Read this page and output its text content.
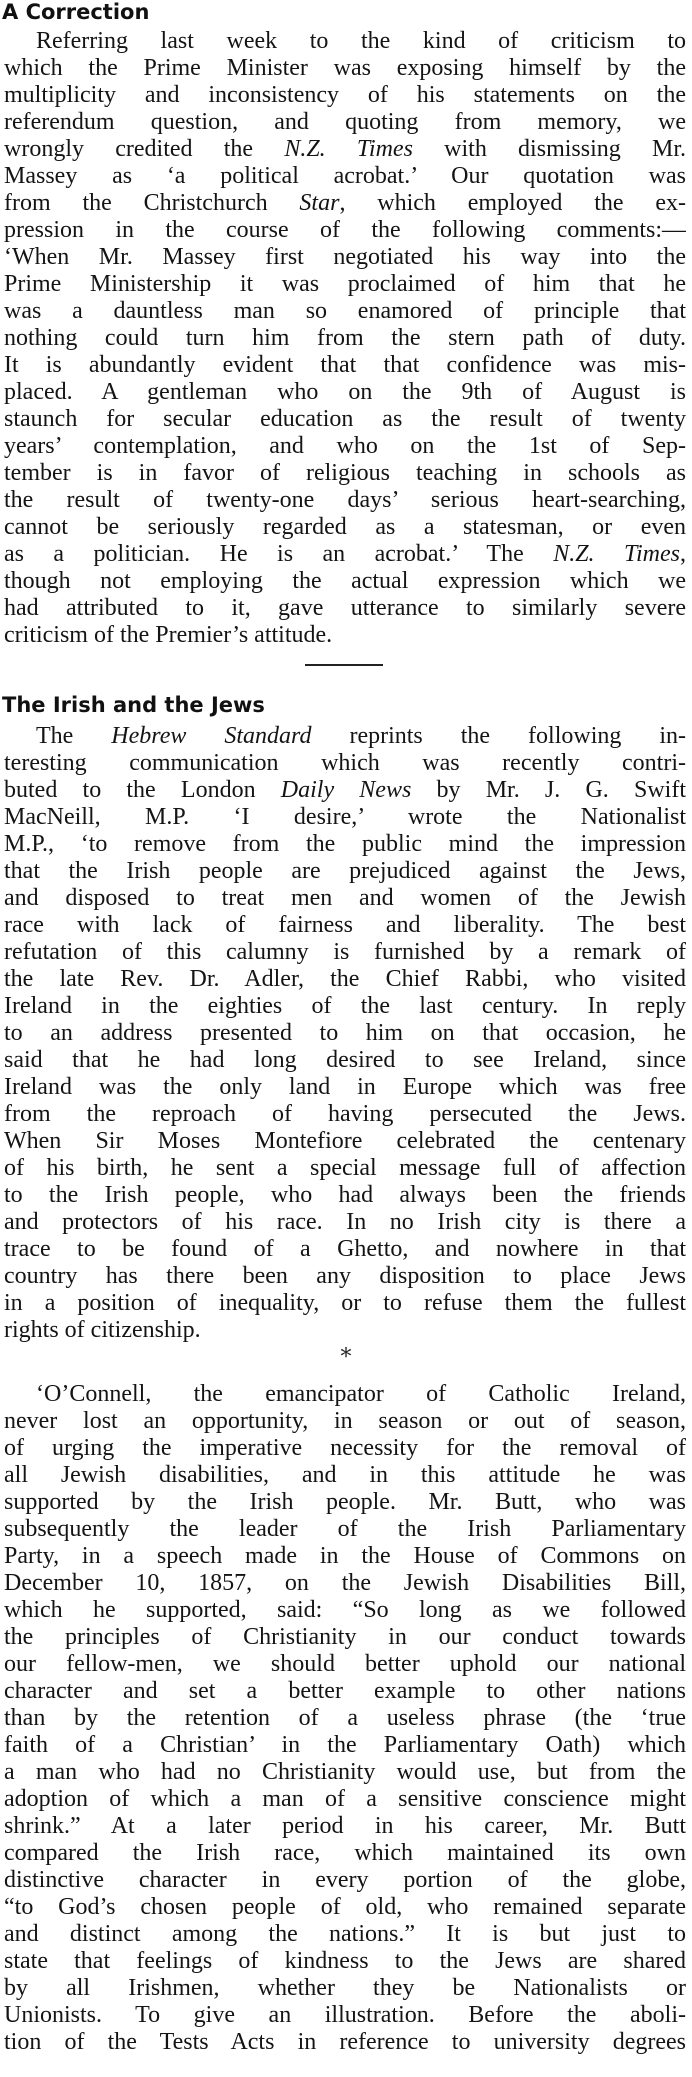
A Correction
Referring last week to the kind of criticism to
which the Prime Minister was exposing himself by the
multiplicity and inconsistency of his statements on the
referendum question, and quoting from memory, we
wrongly credited the N.Z. Times with dismissing Mr.
Massey as ‘a political acrobat.’ Our quotation was
from the Christchurch Star, which employed the ex-
pression in the course of the following comments:—
‘When Mr. Massey first negotiated his way into the
Prime Ministership it was proclaimed of him that he
was a dauntless man so enamored of principle that
nothing could turn him from the stern path of duty.
It is abundantly evident that that confidence was mis-
placed. A gentleman who on the 9th of August is
staunch for secular education as the result of twenty
years’ contemplation, and who on the 1st of Sep-
tember is in favor of religious teaching in schools as
the result of twenty-one days’ serious heart-searching,
cannot be seriously regarded as a statesman, or even
as a politician. He is an acrobat.’ The N.Z. Times,
though not employing the actual expression which we
had attributed to it, gave utterance to similarly severe
criticism of the Premier’s attitude.
The Irish and the Jews
The Hebrew Standard reprints the following in-
teresting communication which was recently contri-
buted to the London Daily News by Mr. J. G. Swift
MacNeill, M.P. ‘I desire,’ wrote the Nationalist
M.P., ‘to remove from the public mind the impression
that the Irish people are prejudiced against the Jews,
and disposed to treat men and women of the Jewish
race with lack of fairness and liberality. The best
refutation of this calumny is furnished by a remark of
the late Rev. Dr. Adler, the Chief Rabbi, who visited
Ireland in the eighties of the last century. In reply
to an address presented to him on that occasion, he
said that he had long desired to see Ireland, since
Ireland was the only land in Europe which was free
from the reproach of having persecuted the Jews.
When Sir Moses Montefiore celebrated the centenary
of his birth, he sent a special message full of affection
to the Irish people, who had always been the friends
and protectors of his race. In no Irish city is there a
trace to be found of a Ghetto, and nowhere in that
country has there been any disposition to place Jews
in a position of inequality, or to refuse them the fullest
rights of citizenship.
*
‘O’Connell, the emancipator of Catholic Ireland,
never lost an opportunity, in season or out of season,
of urging the imperative necessity for the removal of
all Jewish disabilities, and in this attitude he was
supported by the Irish people. Mr. Butt, who was
subsequently the leader of the Irish Parliamentary
Party, in a speech made in the House of Commons on
December 10, 1857, on the Jewish Disabilities Bill,
which he supported, said: “So long as we followed
the principles of Christianity in our conduct towards
our fellow-men, we should better uphold our national
character and set a better example to other nations
than by the retention of a useless phrase (the ‘true
faith of a Christian’ in the Parliamentary Oath) which
a man who had no Christianity would use, but from the
adoption of which a man of a sensitive conscience might
shrink.” At a later period in his career, Mr. Butt
compared the Irish race, which maintained its own
distinctive character in every portion of the globe,
“to God’s chosen people of old, who remained separate
and distinct among the nations.” It is but just to
state that feelings of kindness to the Jews are shared
by all Irishmen, whether they be Nationalists or
Unionists. To give an illustration. Before the aboli-
tion of the Tests Acts in reference to university degrees
